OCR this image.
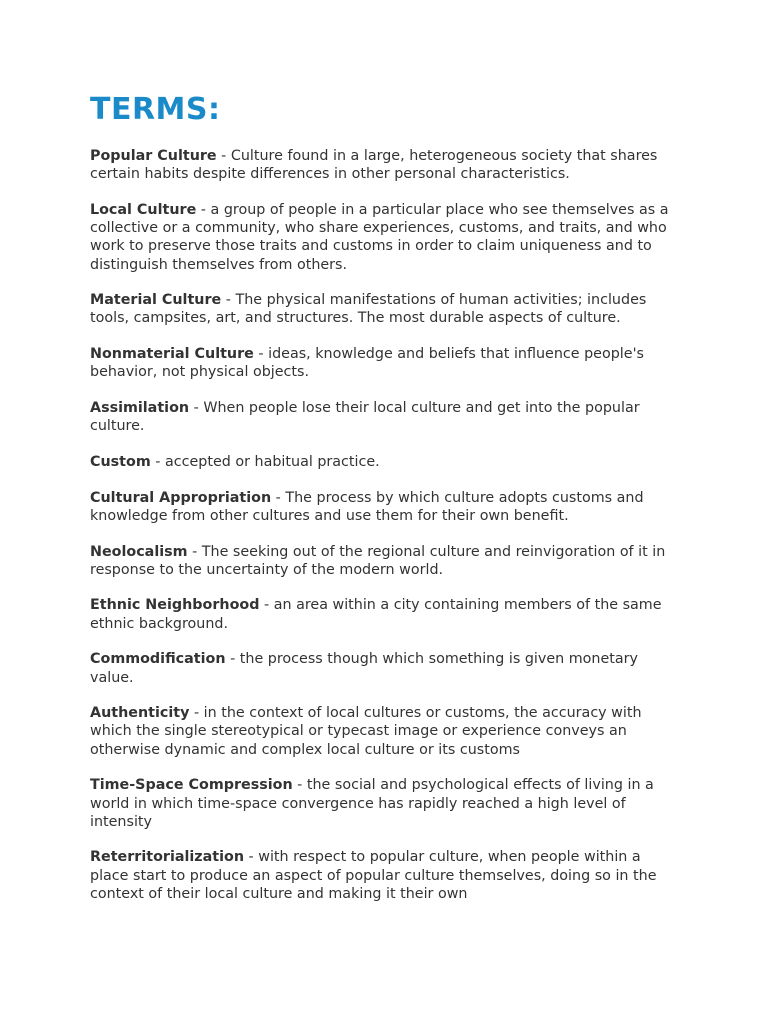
TERMS:

Popular Culture - Culture found in a large, heterogeneous society that shares certain habits despite differences in other personal characteristics.

Local Culture - a group of people in a particular place who see themselves as a collective or a community, who share experiences, customs, and traits, and who work to preserve those traits and customs in order to claim uniqueness and to distinguish themselves from others.

Material Culture - The physical manifestations of human activities; includes tools, campsites, art, and structures. The most durable aspects of culture.

Nonmaterial Culture - ideas, knowledge and beliefs that influence people's behavior, not physical objects.

Assimilation - When people lose their local culture and get into the popular culture.

Custom - accepted or habitual practice.

Cultural Appropriation - The process by which culture adopts customs and knowledge from other cultures and use them for their own benefit.

Neolocalism - The seeking out of the regional culture and reinvigoration of it in response to the uncertainty of the modern world.

Ethnic Neighborhood - an area within a city containing members of the same ethnic background.

Commodification - the process though which something is given monetary value.

Authenticity - in the context of local cultures or customs, the accuracy with which the single stereotypical or typecast image or experience conveys an otherwise dynamic and complex local culture or its customs

Time-Space Compression - the social and psychological effects of living in a world in which time-space convergence has rapidly reached a high level of intensity

Reterritorialization - with respect to popular culture, when people within a place start to produce an aspect of popular culture themselves, doing so in the context of their local culture and making it their own
